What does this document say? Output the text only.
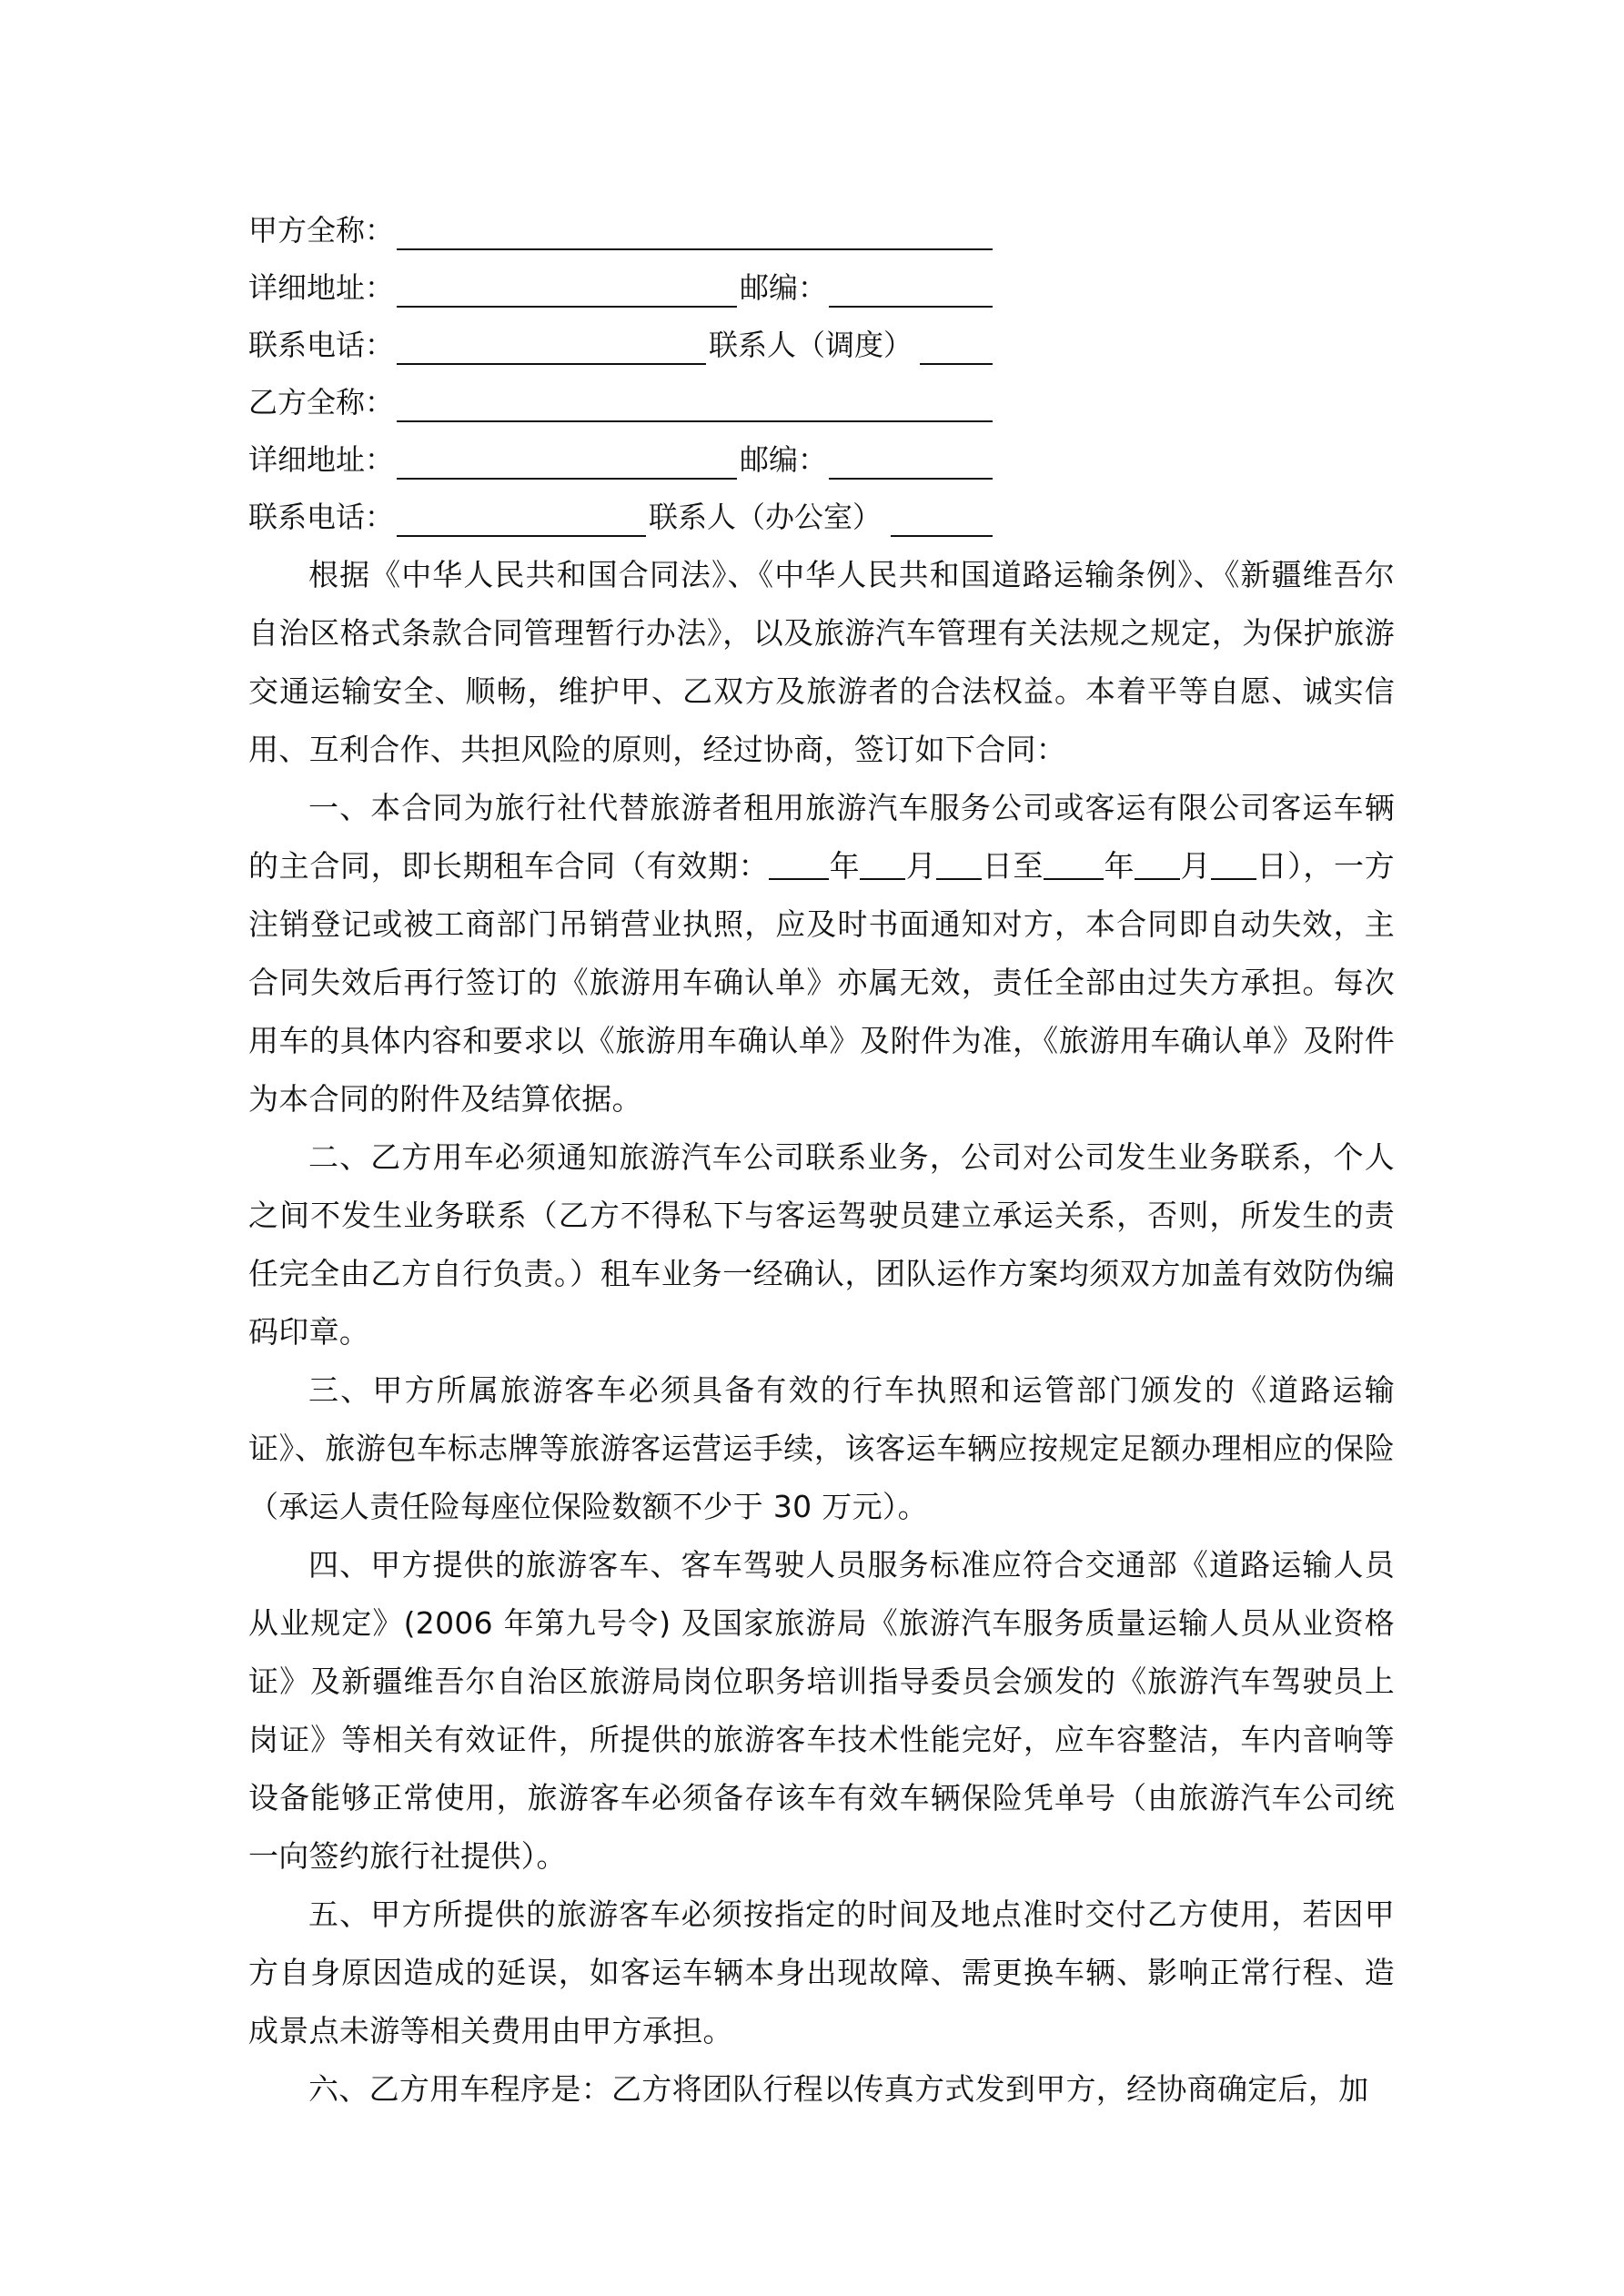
甲方全称：
详细地址：	邮编：
联系电话：	联系人（调度）
乙方全称：
详细地址：	邮编：
联系电话：	联系人（办公室）

根据《中华人民共和国合同法》、《中华人民共和国道路运输条例》、《新疆维吾尔自治区格式条款合同管理暂行办法》，以及旅游汽车管理有关法规之规定，为保护旅游交通运输安全、顺畅，维护甲、乙双方及旅游者的合法权益。本着平等自愿、诚实信用、互利合作、共担风险的原则，经过协商，签订如下合同：

一、本合同为旅行社代替旅游者租用旅游汽车服务公司或客运有限公司客运车辆的主合同，即长期租车合同（有效期： 年 月 日至 年 月 日），一方注销登记或被工商部门吊销营业执照，应及时书面通知对方，本合同即自动失效，主合同失效后再行签订的《旅游用车确认单》亦属无效，责任全部由过失方承担。每次用车的具体内容和要求以《旅游用车确认单》及附件为准，《旅游用车确认单》及附件为本合同的附件及结算依据。

二、乙方用车必须通知旅游汽车公司联系业务，公司对公司发生业务联系，个人之间不发生业务联系（乙方不得私下与客运驾驶员建立承运关系，否则，所发生的责任完全由乙方自行负责。）租车业务一经确认，团队运作方案均须双方加盖有效防伪编码印章。

三、甲方所属旅游客车必须具备有效的行车执照和运管部门颁发的《道路运输证》、旅游包车标志牌等旅游客运营运手续，该客运车辆应按规定足额办理相应的保险（承运人责任险每座位保险数额不少于 30 万元）。

四、甲方提供的旅游客车、客车驾驶人员服务标准应符合交通部《道路运输人员从业规定》(2006 年第九号令) 及国家旅游局《旅游汽车服务质量运输人员从业资格证》及新疆维吾尔自治区旅游局岗位职务培训指导委员会颁发的《旅游汽车驾驶员上岗证》等相关有效证件，所提供的旅游客车技术性能完好，应车容整洁，车内音响等设备能够正常使用，旅游客车必须备存该车有效车辆保险凭单号（由旅游汽车公司统一向签约旅行社提供）。

五、甲方所提供的旅游客车必须按指定的时间及地点准时交付乙方使用，若因甲方自身原因造成的延误，如客运车辆本身出现故障、需更换车辆、影响正常行程、造成景点未游等相关费用由甲方承担。

六、乙方用车程序是：乙方将团队行程以传真方式发到甲方，经协商确定后，加
